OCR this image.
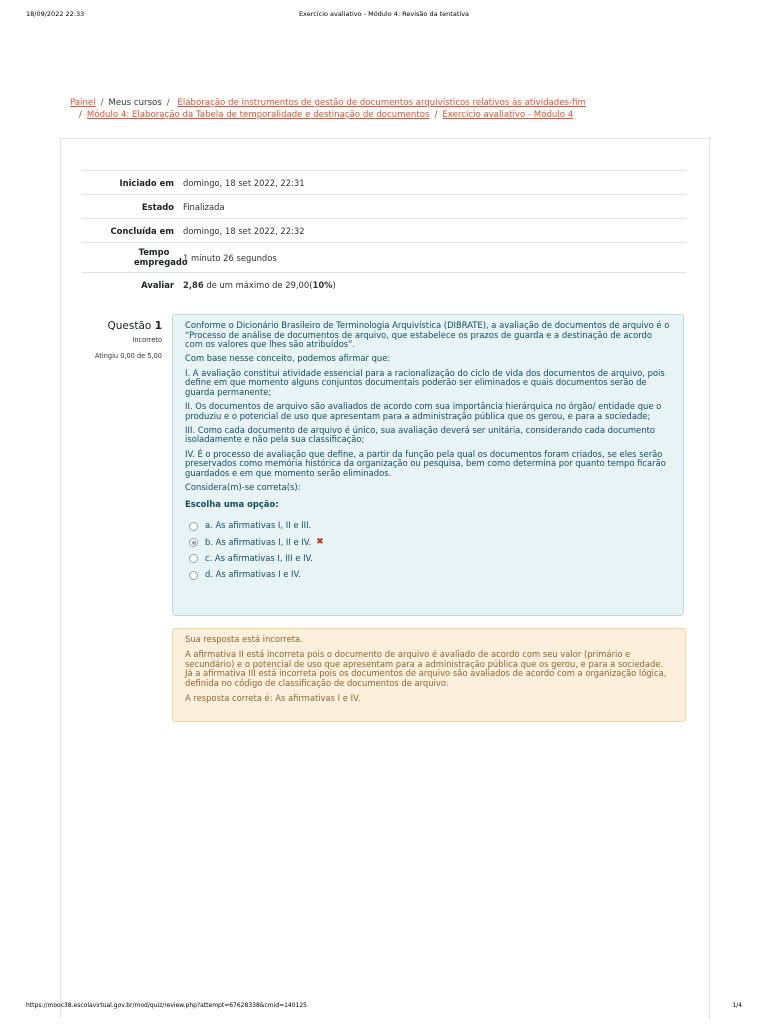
18/09/2022 22:33	Exercício avaliativo - Módulo 4: Revisão da tentativa
Painel / Meus cursos / Elaboração de instrumentos de gestão de documentos arquivísticos relativos às atividades-fim
/ Módulo 4: Elaboração da Tabela de temporalidade e destinação de documentos / Exercício avaliativo - Módulo 4
Iniciado em	domingo, 18 set 2022, 22:31
Estado	Finalizada
Concluída em	domingo, 18 set 2022, 22:32
Tempo empregado	1 minuto 26 segundos
Avaliar	2,86 de um máximo de 29,00(10%)
Questão 1
Incorreto
Atingiu 0,00 de 5,00

Conforme o Dicionário Brasileiro de Terminologia Arquivística (DIBRATE), a avaliação de documentos de arquivo é o “Processo de análise de documentos de arquivo, que estabelece os prazos de guarda e a destinação de acordo com os valores que lhes são atribuídos”.

Com base nesse conceito, podemos afirmar que:

I. A avaliação constitui atividade essencial para a racionalização do ciclo de vida dos documentos de arquivo, pois define em que momento alguns conjuntos documentais poderão ser eliminados e quais documentos serão de guarda permanente;

II. Os documentos de arquivo são avaliados de acordo com sua importância hierárquica no órgão/ entidade que o produziu e o potencial de uso que apresentam para a administração pública que os gerou, e para a sociedade;

III. Como cada documento de arquivo é único, sua avaliação deverá ser unitária, considerando cada documento isoladamente e não pela sua classificação;

IV. É o processo de avaliação que define, a partir da função pela qual os documentos foram criados, se eles serão preservados como memória histórica da organização ou pesquisa, bem como determina por quanto tempo ficarão guardados e em que momento serão eliminados.

Considera(m)-se correta(s):

Escolha uma opção:
a. As afirmativas I, II e III.
b. As afirmativas I, II e IV. ✖
c. As afirmativas I, III e IV.
d. As afirmativas I e IV.

Sua resposta está incorreta.

A afirmativa II está incorreta pois o documento de arquivo é avaliado de acordo com seu valor (primário e secundário) e o potencial de uso que apresentam para a administração pública que os gerou, e para a sociedade. Já a afirmativa III está incorreta pois os documentos de arquivo são avaliados de acordo com a organização lógica, definida no código de classificação de documentos de arquivo.

A resposta correta é: As afirmativas I e IV.

https://mooc38.escolavirtual.gov.br/mod/quiz/review.php?attempt=67628338&cmid=140125	1/4
